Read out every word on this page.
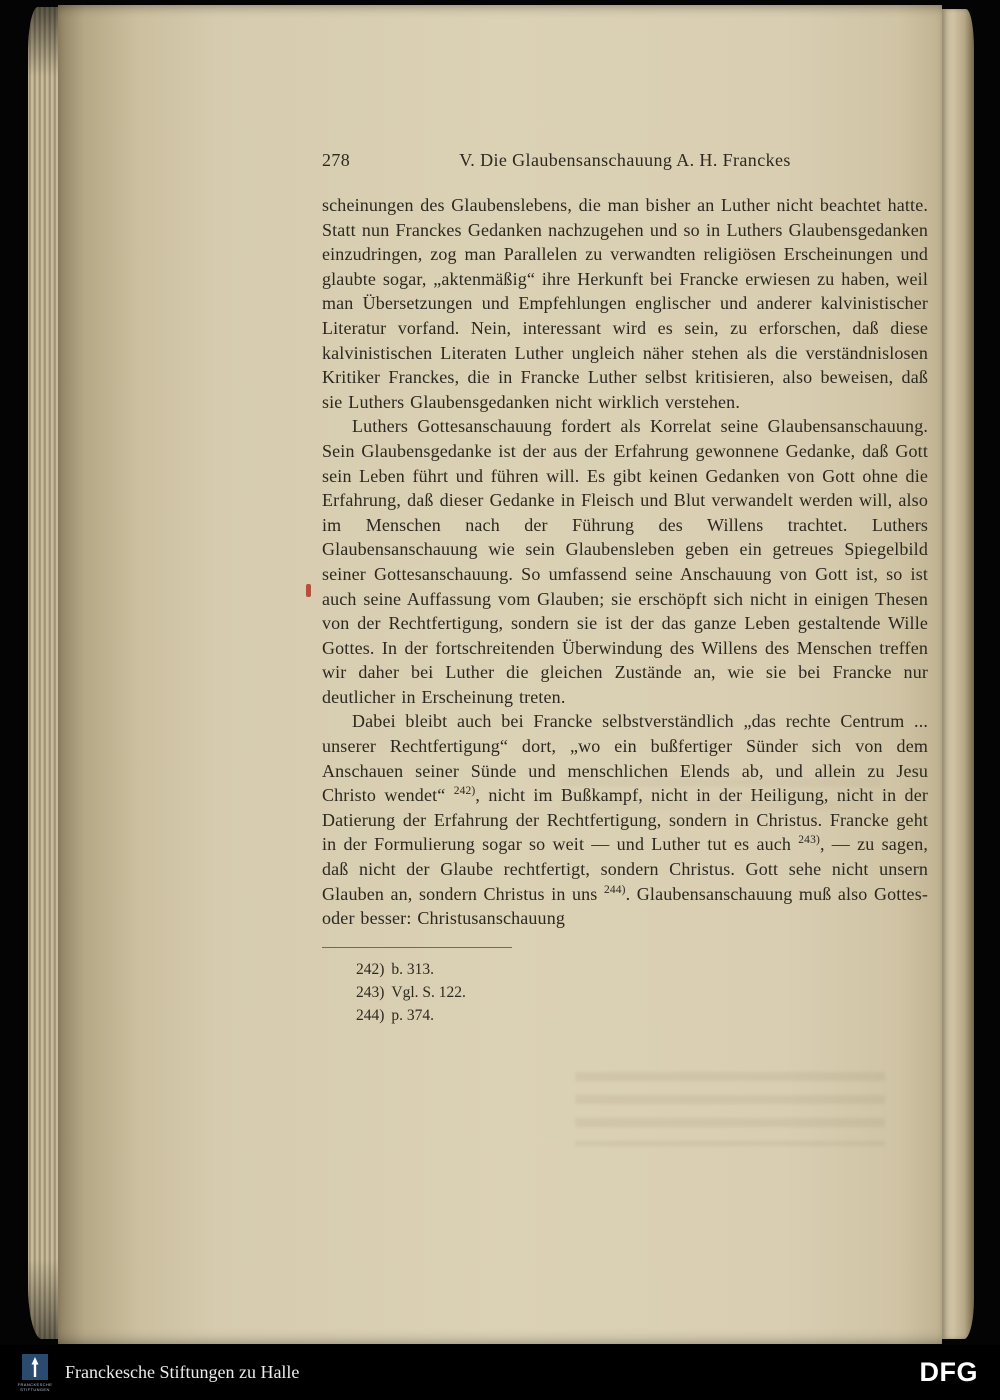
278	V. Die Glaubensanschauung A. H. Franckes

scheinungen des Glaubenslebens, die man bisher an Luther nicht beachtet hatte. Statt nun Franckes Gedanken nachzugehen und so in Luthers Glaubensgedanken einzudringen, zog man Parallelen zu verwandten religiösen Erscheinungen und glaubte sogar, „aktenmäßig“ ihre Herkunft bei Francke erwiesen zu haben, weil man Übersetzungen und Empfehlungen englischer und anderer kalvinistischer Literatur vorfand. Nein, interessant wird es sein, zu erforschen, daß diese kalvinistischen Literaten Luther ungleich näher stehen als die verständnislosen Kritiker Franckes, die in Francke Luther selbst kritisieren, also beweisen, daß sie Luthers Glaubensgedanken nicht wirklich verstehen.

Luthers Gottesanschauung fordert als Korrelat seine Glaubensanschauung. Sein Glaubensgedanke ist der aus der Erfahrung gewonnene Gedanke, daß Gott sein Leben führt und führen will. Es gibt keinen Gedanken von Gott ohne die Erfahrung, daß dieser Gedanke in Fleisch und Blut verwandelt werden will, also im Menschen nach der Führung des Willens trachtet. Luthers Glaubensanschauung wie sein Glaubensleben geben ein getreues Spiegelbild seiner Gottesanschauung. So umfassend seine Anschauung von Gott ist, so ist auch seine Auffassung vom Glauben; sie erschöpft sich nicht in einigen Thesen von der Rechtfertigung, sondern sie ist der das ganze Leben gestaltende Wille Gottes. In der fortschreitenden Überwindung des Willens des Menschen treffen wir daher bei Luther die gleichen Zustände an, wie sie bei Francke nur deutlicher in Erscheinung treten.

Dabei bleibt auch bei Francke selbstverständlich „das rechte Centrum ... unserer Rechtfertigung“ dort, „wo ein bußfertiger Sünder sich von dem Anschauen seiner Sünde und menschlichen Elends ab, und allein zu Jesu Christo wendet“ $^{242)}$, nicht im Bußkampf, nicht in der Heiligung, nicht in der Datierung der Erfahrung der Rechtfertigung, sondern in Christus. Francke geht in der Formulierung sogar so weit — und Luther tut es auch $^{243)}$, — zu sagen, daß nicht der Glaube rechtfertigt, sondern Christus. Gott sehe nicht unsern Glauben an, sondern Christus in uns $^{244)}$. Glaubensanschauung muß also Gottes- oder besser: Christusanschauung

242) b. 313.
243) Vgl. S. 122.
244) p. 374.
FRANCKESCHE STIFTUNGEN
Franckesche Stiftungen zu Halle	DFG
